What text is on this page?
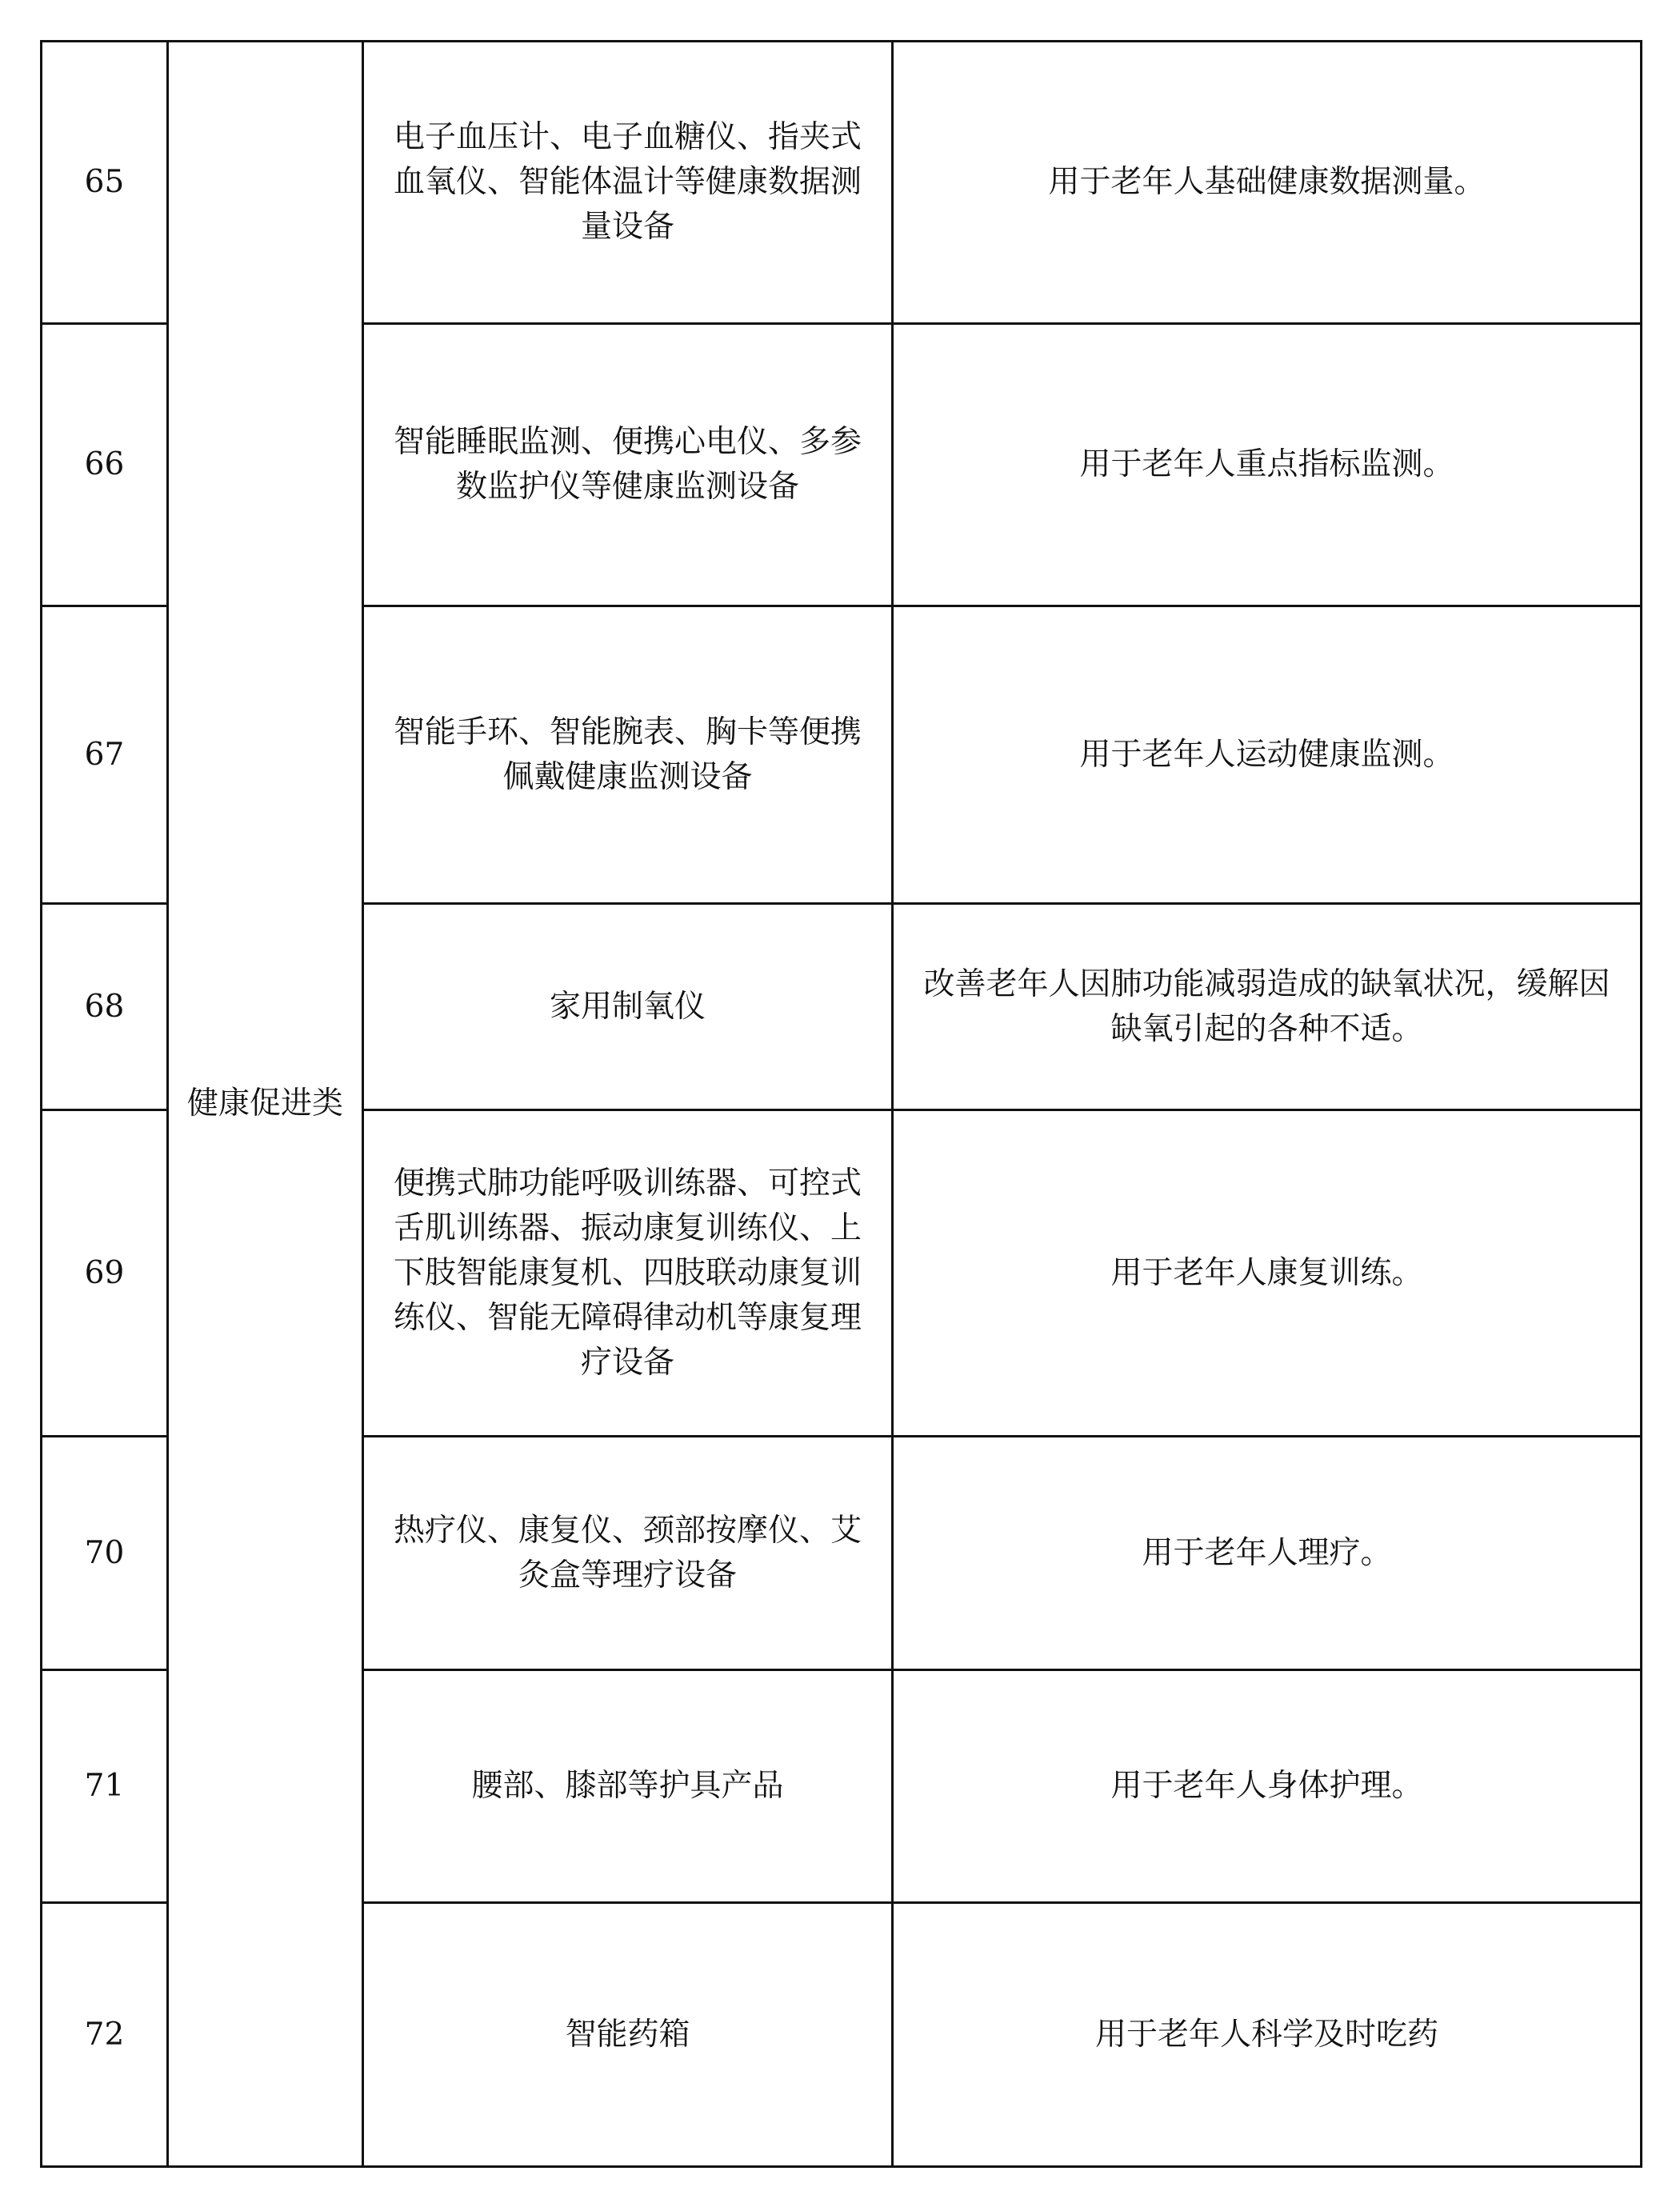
65	健康促进类	电子血压计、电子血糖仪、指夹式血氧仪、智能体温计等健康数据测量设备	用于老年人基础健康数据测量。
66		智能睡眠监测、便携心电仪、多参数监护仪等健康监测设备	用于老年人重点指标监测。
67		智能手环、智能腕表、胸卡等便携佩戴健康监测设备	用于老年人运动健康监测。
68		家用制氧仪	改善老年人因肺功能减弱造成的缺氧状况，缓解因缺氧引起的各种不适。
69		便携式肺功能呼吸训练器、可控式舌肌训练器、振动康复训练仪、上下肢智能康复机、四肢联动康复训练仪、智能无障碍律动机等康复理疗设备	用于老年人康复训练。
70		热疗仪、康复仪、颈部按摩仪、艾灸盒等理疗设备	用于老年人理疗。
71		腰部、膝部等护具产品	用于老年人身体护理。
72		智能药箱	用于老年人科学及时吃药
